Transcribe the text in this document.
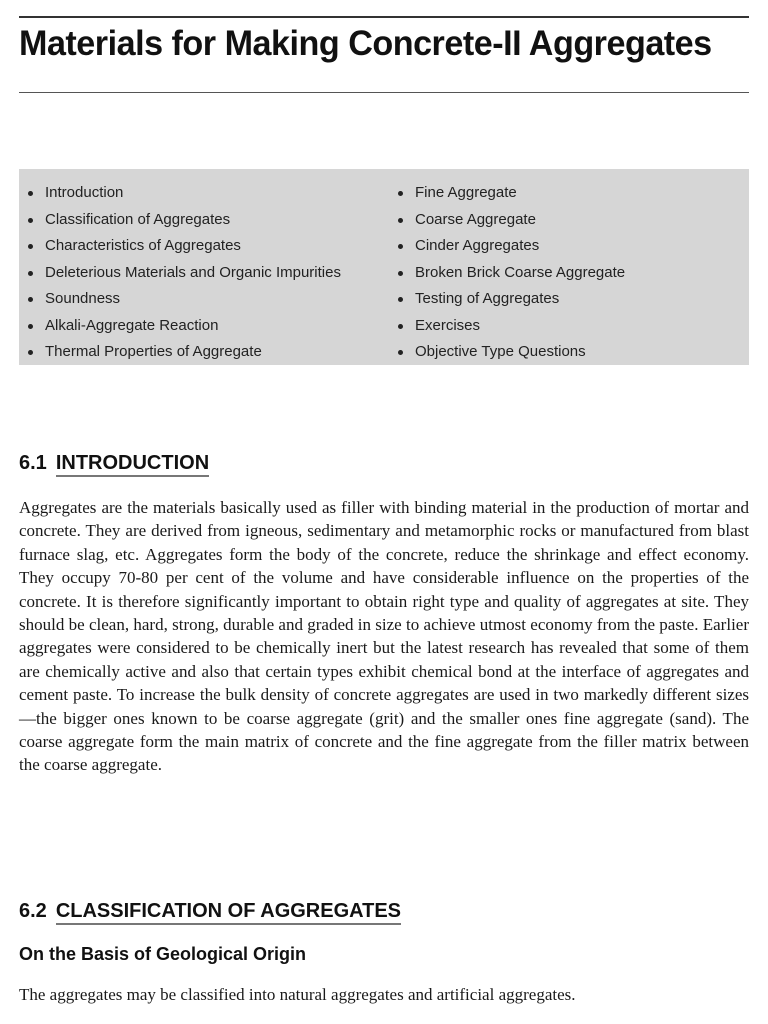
Materials for Making Concrete-II Aggregates
Introduction
Classification of Aggregates
Characteristics of Aggregates
Deleterious Materials and Organic Impurities
Soundness
Alkali-Aggregate Reaction
Thermal Properties of Aggregate
Fine Aggregate
Coarse Aggregate
Cinder Aggregates
Broken Brick Coarse Aggregate
Testing of Aggregates
Exercises
Objective Type Questions
6.1 INTRODUCTION

Aggregates are the materials basically used as filler with binding material in the production of mortar and concrete. They are derived from igneous, sedimentary and metamorphic rocks or manufactured from blast furnace slag, etc. Aggregates form the body of the concrete, reduce the shrinkage and effect economy. They occupy 70-80 per cent of the volume and have considerable influence on the properties of the concrete. It is therefore significantly important to obtain right type and quality of aggregates at site. They should be clean, hard, strong, durable and graded in size to achieve utmost economy from the paste. Earlier aggregates were considered to be chemically inert but the latest research has revealed that some of them are chemically active and also that certain types exhibit chemical bond at the interface of aggregates and cement paste. To increase the bulk density of concrete aggregates are used in two markedly different sizes—the bigger ones known to be coarse aggregate (grit) and the smaller ones fine aggregate (sand). The coarse aggregate form the main matrix of concrete and the fine aggregate from the filler matrix between the coarse aggregate.

6.2 CLASSIFICATION OF AGGREGATES
On the Basis of Geological Origin

The aggregates may be classified into natural aggregates and artificial aggregates.
